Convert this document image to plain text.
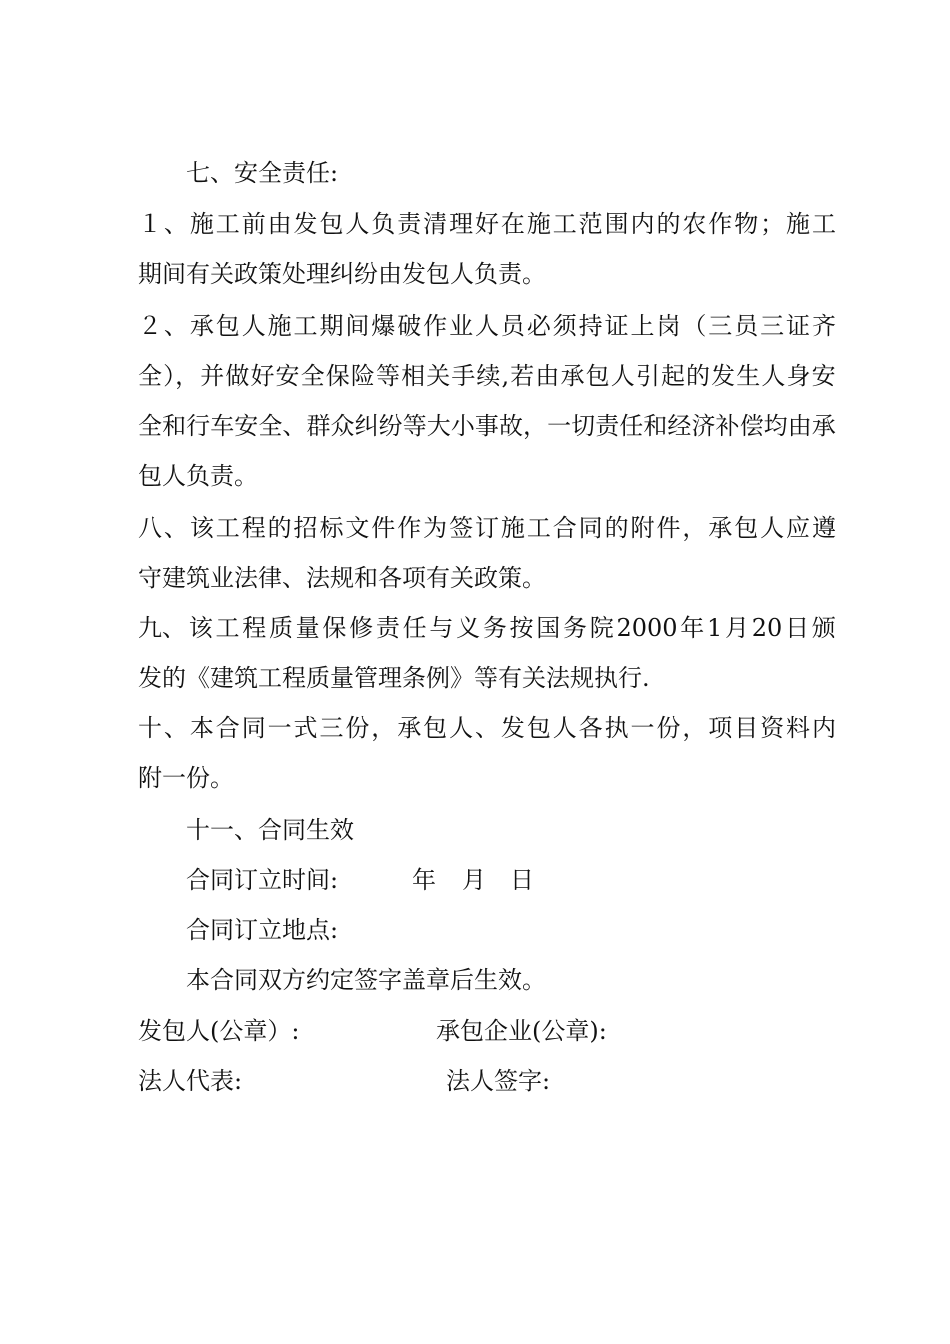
七、安全责任:
１ 、 施 工 前 由 发 包 人 负 责 清 理 好 在 施 工 范 围 内 的 农 作 物 ； 施 工
期间有关政策处理纠纷由发包人负责。
２ 、 承 包 人 施 工 期 间 爆 破 作 业 人 员 必 须 持 证 上 岗 （ 三 员 三 证 齐
全 ）， 并 做 好 安 全 保 险 等 相 关 手 续 , 若 由 承 包 人 引 起 的 发 生 人 身 安
全 和 行 车 安 全 、 群 众 纠 纷 等 大 小 事 故 ， 一 切 责 任 和 经 济 补 偿 均 由 承
包人负责。
八 、 该 工 程 的 招 标 文 件 作 为 签 订 施 工 合 同 的 附 件 ， 承 包 人 应 遵
守建筑业法律、法规和各项有关政策。
九、 该 工 程 质 量 保 修 责 任 与 义 务 按 国 务 院 2000 年 1 月 20 日 颁
发的《建筑工程质量管理条例》等有关法规执行.
十 、 本 合 同 一 式 三 份 ， 承 包 人 、 发 包 人 各 执 一 份 ， 项 目 资 料 内
附一份。
十一、合同生效
合同订立时间:	年 月 日
合同订立地点:
本合同双方约定签字盖章后生效。
发包人(公章）:	承包企业(公章):
法人代表:	法人签字:
